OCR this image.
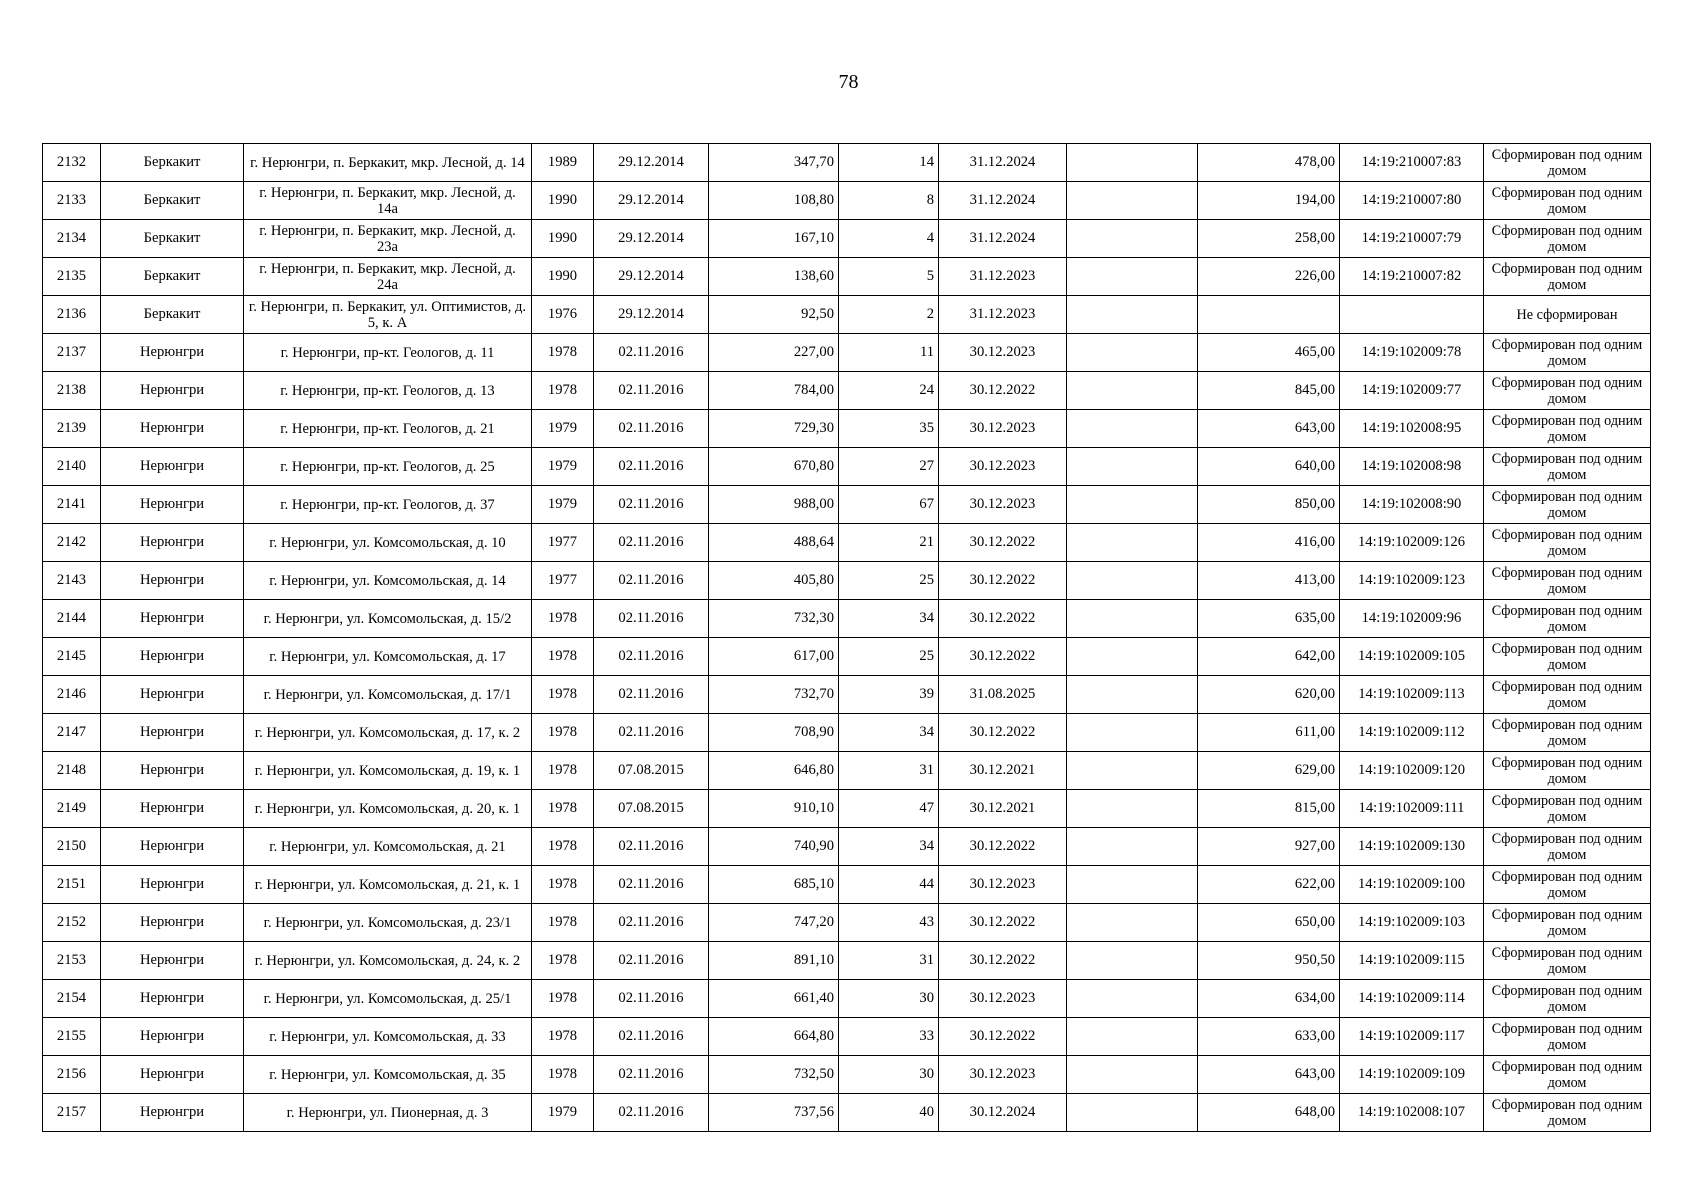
78
2132	Беркакит	г. Нерюнгри, п. Беркакит, мкр. Лесной, д. 14	1989	29.12.2014	347,70	14	31.12.2024		478,00	14:19:210007:83	Сформирован под одним домом
2133	Беркакит	г. Нерюнгри, п. Беркакит, мкр. Лесной, д. 14а	1990	29.12.2014	108,80	8	31.12.2024		194,00	14:19:210007:80	Сформирован под одним домом
2134	Беркакит	г. Нерюнгри, п. Беркакит, мкр. Лесной, д. 23а	1990	29.12.2014	167,10	4	31.12.2024		258,00	14:19:210007:79	Сформирован под одним домом
2135	Беркакит	г. Нерюнгри, п. Беркакит, мкр. Лесной, д. 24а	1990	29.12.2014	138,60	5	31.12.2023		226,00	14:19:210007:82	Сформирован под одним домом
2136	Беркакит	г. Нерюнгри, п. Беркакит, ул. Оптимистов, д. 5, к. А	1976	29.12.2014	92,50	2	31.12.2023				Не сформирован
2137	Нерюнгри	г. Нерюнгри, пр-кт. Геологов, д. 11	1978	02.11.2016	227,00	11	30.12.2023		465,00	14:19:102009:78	Сформирован под одним домом
2138	Нерюнгри	г. Нерюнгри, пр-кт. Геологов, д. 13	1978	02.11.2016	784,00	24	30.12.2022		845,00	14:19:102009:77	Сформирован под одним домом
2139	Нерюнгри	г. Нерюнгри, пр-кт. Геологов, д. 21	1979	02.11.2016	729,30	35	30.12.2023		643,00	14:19:102008:95	Сформирован под одним домом
2140	Нерюнгри	г. Нерюнгри, пр-кт. Геологов, д. 25	1979	02.11.2016	670,80	27	30.12.2023		640,00	14:19:102008:98	Сформирован под одним домом
2141	Нерюнгри	г. Нерюнгри, пр-кт. Геологов, д. 37	1979	02.11.2016	988,00	67	30.12.2023		850,00	14:19:102008:90	Сформирован под одним домом
2142	Нерюнгри	г. Нерюнгри, ул. Комсомольская, д. 10	1977	02.11.2016	488,64	21	30.12.2022		416,00	14:19:102009:126	Сформирован под одним домом
2143	Нерюнгри	г. Нерюнгри, ул. Комсомольская, д. 14	1977	02.11.2016	405,80	25	30.12.2022		413,00	14:19:102009:123	Сформирован под одним домом
2144	Нерюнгри	г. Нерюнгри, ул. Комсомольская, д. 15/2	1978	02.11.2016	732,30	34	30.12.2022		635,00	14:19:102009:96	Сформирован под одним домом
2145	Нерюнгри	г. Нерюнгри, ул. Комсомольская, д. 17	1978	02.11.2016	617,00	25	30.12.2022		642,00	14:19:102009:105	Сформирован под одним домом
2146	Нерюнгри	г. Нерюнгри, ул. Комсомольская, д. 17/1	1978	02.11.2016	732,70	39	31.08.2025		620,00	14:19:102009:113	Сформирован под одним домом
2147	Нерюнгри	г. Нерюнгри, ул. Комсомольская, д. 17, к. 2	1978	02.11.2016	708,90	34	30.12.2022		611,00	14:19:102009:112	Сформирован под одним домом
2148	Нерюнгри	г. Нерюнгри, ул. Комсомольская, д. 19, к. 1	1978	07.08.2015	646,80	31	30.12.2021		629,00	14:19:102009:120	Сформирован под одним домом
2149	Нерюнгри	г. Нерюнгри, ул. Комсомольская, д. 20, к. 1	1978	07.08.2015	910,10	47	30.12.2021		815,00	14:19:102009:111	Сформирован под одним домом
2150	Нерюнгри	г. Нерюнгри, ул. Комсомольская, д. 21	1978	02.11.2016	740,90	34	30.12.2022		927,00	14:19:102009:130	Сформирован под одним домом
2151	Нерюнгри	г. Нерюнгри, ул. Комсомольская, д. 21, к. 1	1978	02.11.2016	685,10	44	30.12.2023		622,00	14:19:102009:100	Сформирован под одним домом
2152	Нерюнгри	г. Нерюнгри, ул. Комсомольская, д. 23/1	1978	02.11.2016	747,20	43	30.12.2022		650,00	14:19:102009:103	Сформирован под одним домом
2153	Нерюнгри	г. Нерюнгри, ул. Комсомольская, д. 24, к. 2	1978	02.11.2016	891,10	31	30.12.2022		950,50	14:19:102009:115	Сформирован под одним домом
2154	Нерюнгри	г. Нерюнгри, ул. Комсомольская, д. 25/1	1978	02.11.2016	661,40	30	30.12.2023		634,00	14:19:102009:114	Сформирован под одним домом
2155	Нерюнгри	г. Нерюнгри, ул. Комсомольская, д. 33	1978	02.11.2016	664,80	33	30.12.2022		633,00	14:19:102009:117	Сформирован под одним домом
2156	Нерюнгри	г. Нерюнгри, ул. Комсомольская, д. 35	1978	02.11.2016	732,50	30	30.12.2023		643,00	14:19:102009:109	Сформирован под одним домом
2157	Нерюнгри	г. Нерюнгри, ул. Пионерная, д. 3	1979	02.11.2016	737,56	40	30.12.2024		648,00	14:19:102008:107	Сформирован под одним домом
